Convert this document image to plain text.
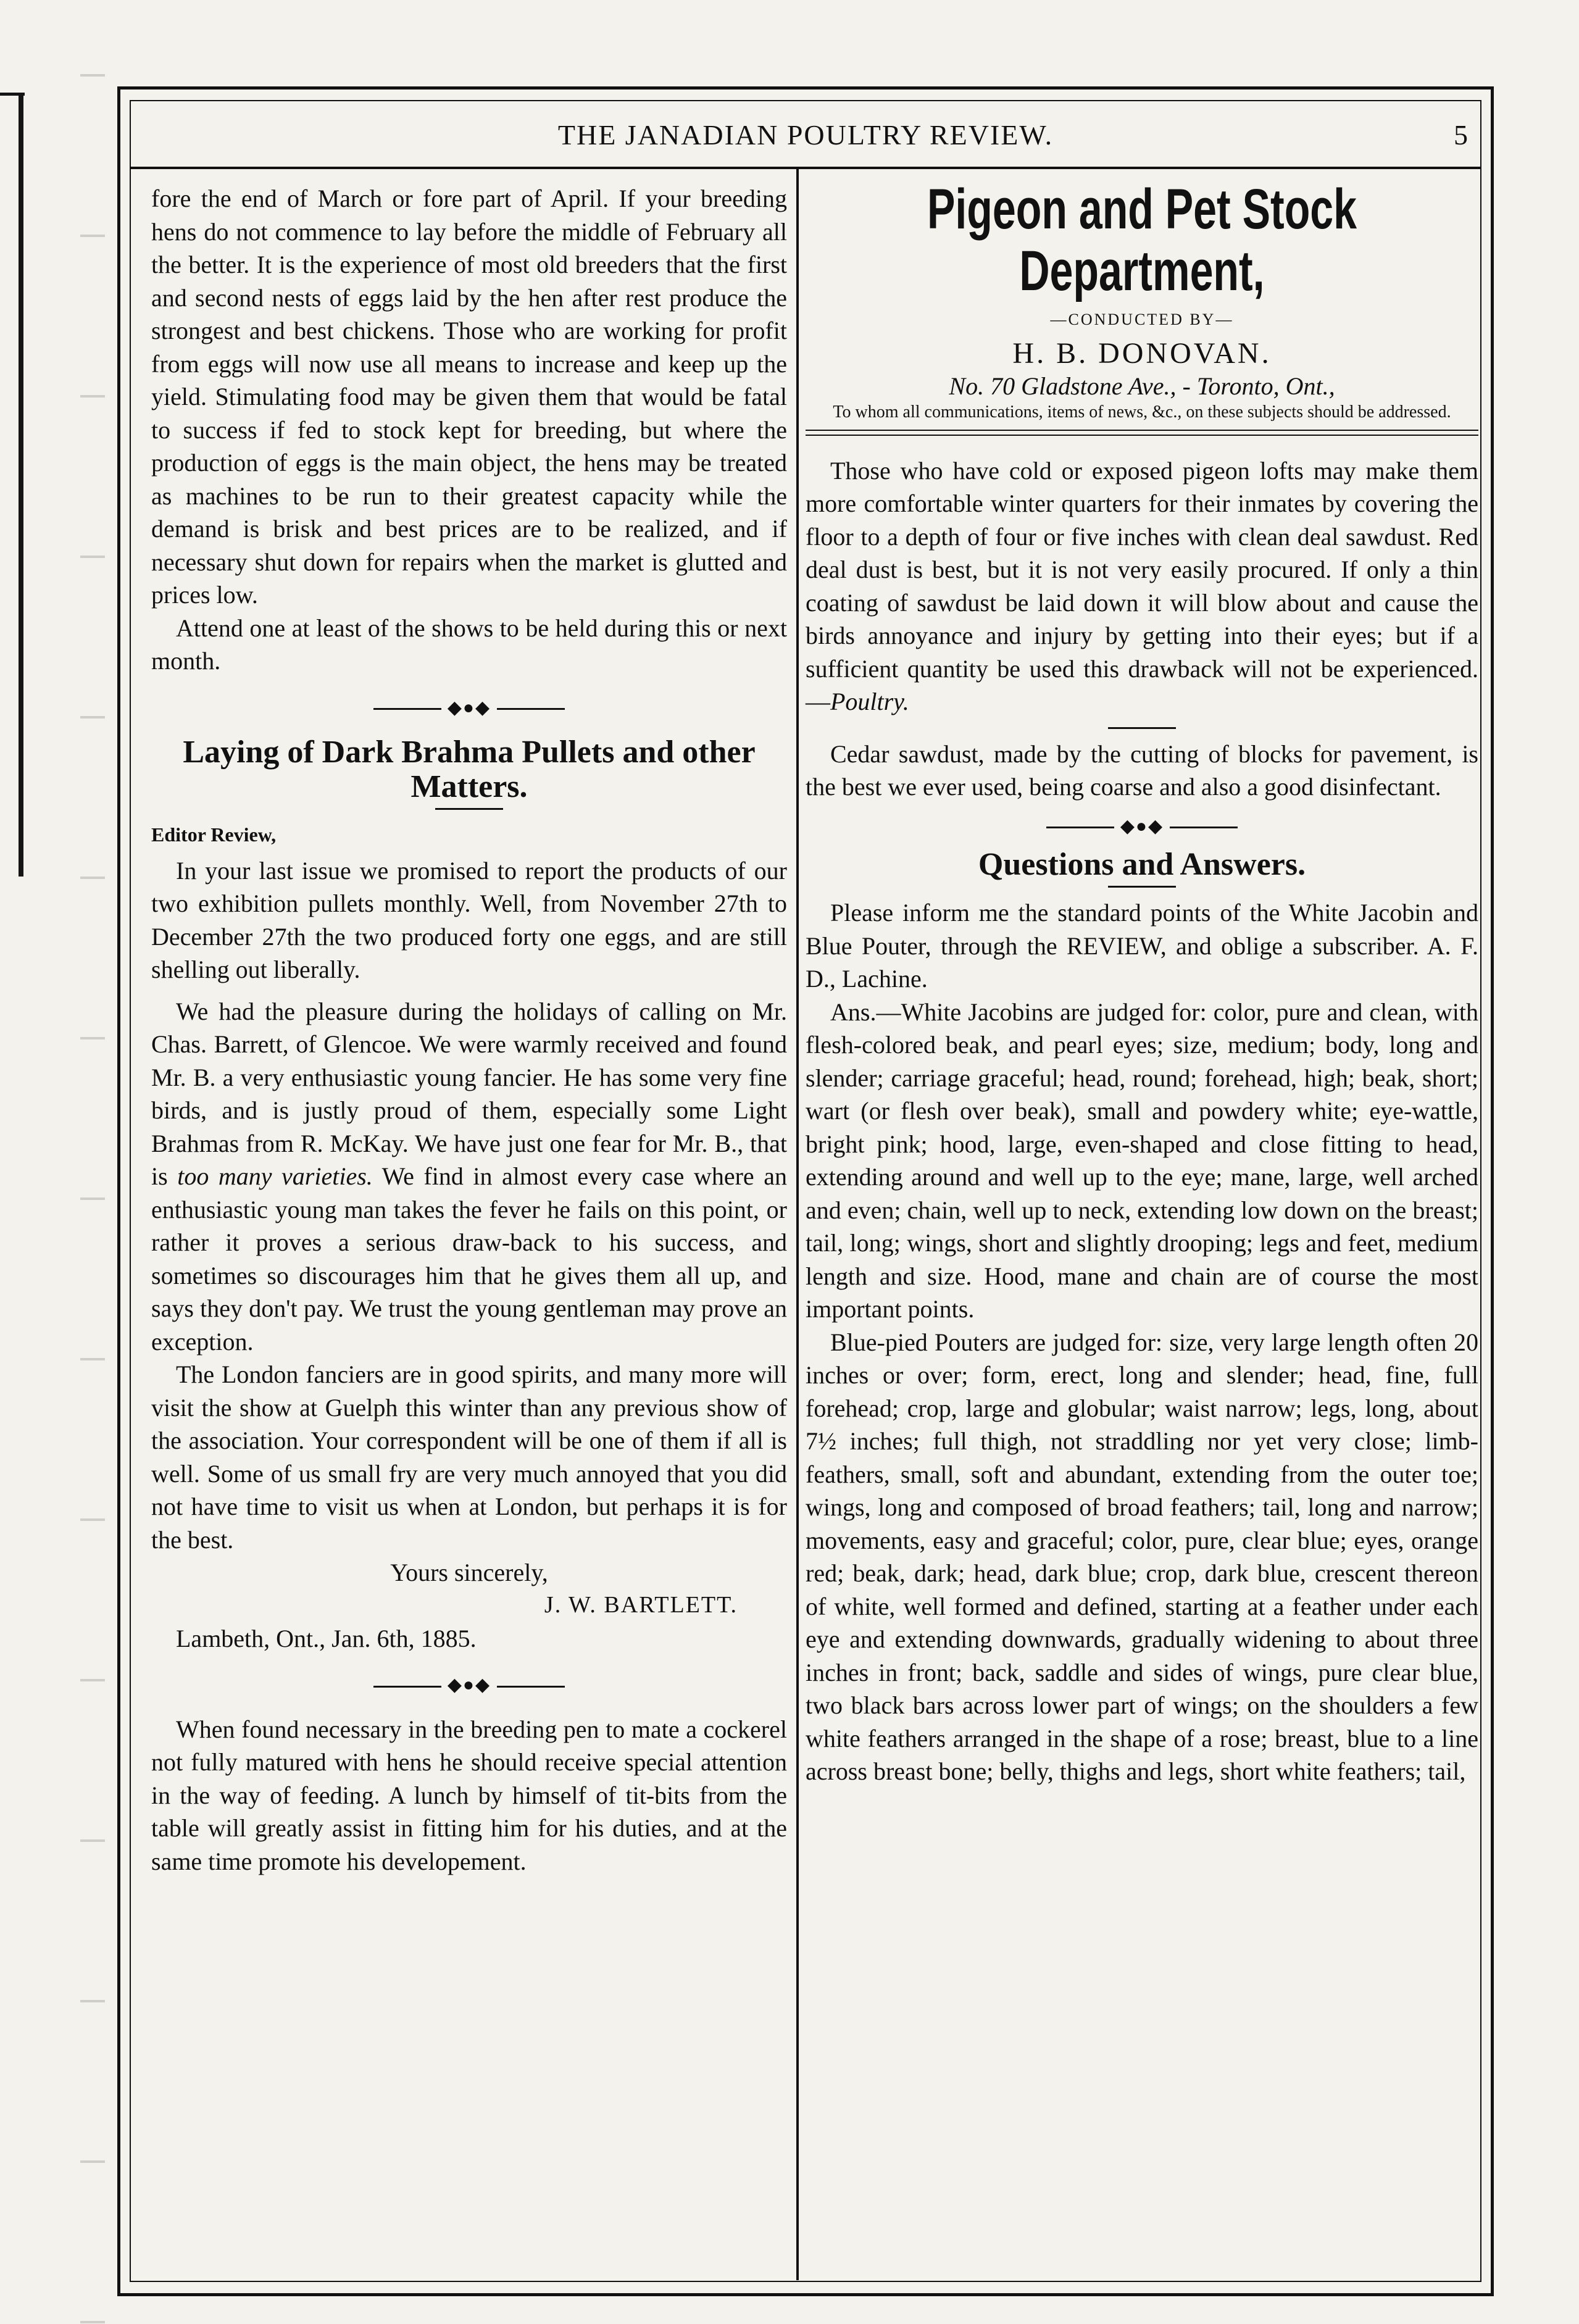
THE JANADIAN POULTRY REVIEW.	5

fore the end of March or fore part of April. If your breeding hens do not commence to lay before the middle of February all the better. It is the experience of most old breeders that the first and second nests of eggs laid by the hen after rest produce the strongest and best chickens. Those who are working for profit from eggs will now use all means to increase and keep up the yield. Stimulating food may be given them that would be fatal to success if fed to stock kept for breeding, but where the production of eggs is the main object, the hens may be treated as machines to be run to their greatest capacity while the demand is brisk and best prices are to be realized, and if necessary shut down for repairs when the market is glutted and prices low.

Attend one at least of the shows to be held during this or next month.

◆●◆
Laying of Dark Brahma Pullets and other Matters.
Editor Review,

In your last issue we promised to report the products of our two exhibition pullets monthly. Well, from November 27th to December 27th the two produced forty one eggs, and are still shelling out liberally.

We had the pleasure during the holidays of calling on Mr. Chas. Barrett, of Glencoe. We were warmly received and found Mr. B. a very enthusiastic young fancier. He has some very fine birds, and is justly proud of them, especially some Light Brahmas from R. McKay. We have just one fear for Mr. B., that is too many varieties. We find in almost every case where an enthusiastic young man takes the fever he fails on this point, or rather it proves a serious draw-back to his success, and sometimes so discourages him that he gives them all up, and says they don't pay. We trust the young gentleman may prove an exception.

The London fanciers are in good spirits, and many more will visit the show at Guelph this winter than any previous show of the association. Your correspondent will be one of them if all is well. Some of us small fry are very much annoyed that you did not have time to visit us when at London, but perhaps it is for the best.

Yours sincerely,
J. W. BARTLETT.

Lambeth, Ont., Jan. 6th, 1885.

◆●◆

When found necessary in the breeding pen to mate a cockerel not fully matured with hens he should receive special attention in the way of feeding. A lunch by himself of tit-bits from the table will greatly assist in fitting him for his duties, and at the same time promote his developement.

Pigeon and Pet Stock Department,
—CONDUCTED BY—
H. B. DONOVAN.
No. 70 Gladstone Ave., - Toronto, Ont.,
To whom all communications, items of news, &c., on these subjects should be addressed.

Those who have cold or exposed pigeon lofts may make them more comfortable winter quarters for their inmates by covering the floor to a depth of four or five inches with clean deal sawdust. Red deal dust is best, but it is not very easily procured. If only a thin coating of sawdust be laid down it will blow about and cause the birds annoyance and injury by getting into their eyes; but if a sufficient quantity be used this drawback will not be experienced.—Poultry.

Cedar sawdust, made by the cutting of blocks for pavement, is the best we ever used, being coarse and also a good disinfectant.

◆●◆
Questions and Answers.

Please inform me the standard points of the White Jacobin and Blue Pouter, through the REVIEW, and oblige a subscriber. A. F. D., Lachine.

Ans.—White Jacobins are judged for: color, pure and clean, with flesh-colored beak, and pearl eyes; size, medium; body, long and slender; carriage graceful; head, round; forehead, high; beak, short; wart (or flesh over beak), small and powdery white; eye-wattle, bright pink; hood, large, even-shaped and close fitting to head, extending around and well up to the eye; mane, large, well arched and even; chain, well up to neck, extending low down on the breast; tail, long; wings, short and slightly drooping; legs and feet, medium length and size. Hood, mane and chain are of course the most important points.

Blue-pied Pouters are judged for: size, very large length often 20 inches or over; form, erect, long and slender; head, fine, full forehead; crop, large and globular; waist narrow; legs, long, about 7½ inches; full thigh, not straddling nor yet very close; limb-feathers, small, soft and abundant, extending from the outer toe; wings, long and composed of broad feathers; tail, long and narrow; movements, easy and graceful; color, pure, clear blue; eyes, orange red; beak, dark; head, dark blue; crop, dark blue, crescent thereon of white, well formed and defined, starting at a feather under each eye and extending downwards, gradually widening to about three inches in front; back, saddle and sides of wings, pure clear blue, two black bars across lower part of wings; on the shoulders a few white feathers arranged in the shape of a rose; breast, blue to a line across breast bone; belly, thighs and legs, short white feathers; tail,
